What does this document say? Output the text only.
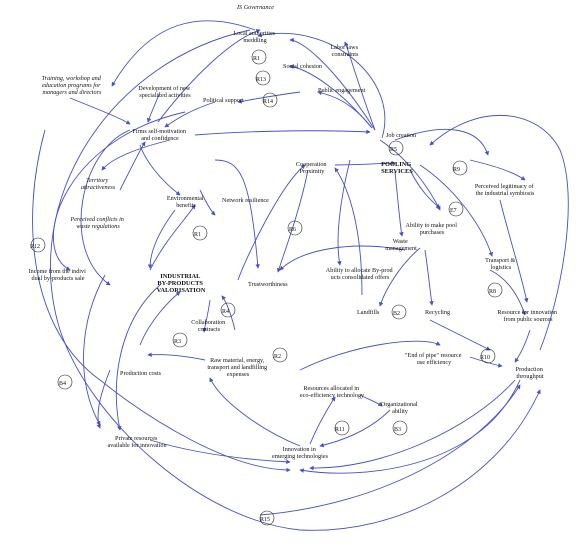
R1
R13
R14
R5
R9
E7
R1
R6
R12
R8
R4	B2
R3
R2	R10
B4
R11	B3
R15
IS Governance
Local authorities meddling
Labor laws constraints
Social cohesion
Public engagement
Political support
Training, workshop and education programs for managers and directors
Development of new specialized activities
Firms self-motivation and confidence	Job creation
Territory attractiveness
Environmental benefits
Perceived conflicts in waste regulations
Cooperation Proximity
POOLING SERVICES
Perceived legitimacy of the industrial symbiosis
Ability to make pool purchases
Network resilience
Waste management
Transport & logistics
Income from the indivi dual by-products sale	INDUSTRIAL BY-PRODUCTS VALORISATION
Trustworthiness
Ability to allocate By-prod ucts consolidated offers
Landfills	Recycling	Resource for innovation from public sources
Collaboration contracts
Raw material, energy, transport and landfilling expenses
Production costs
"End of pipe" resource use efficiency
Production throughput
Resources allocated in eco-efficiency technology
Organizational ability
Private resources available for innovation
Innovation in emerging technologies
